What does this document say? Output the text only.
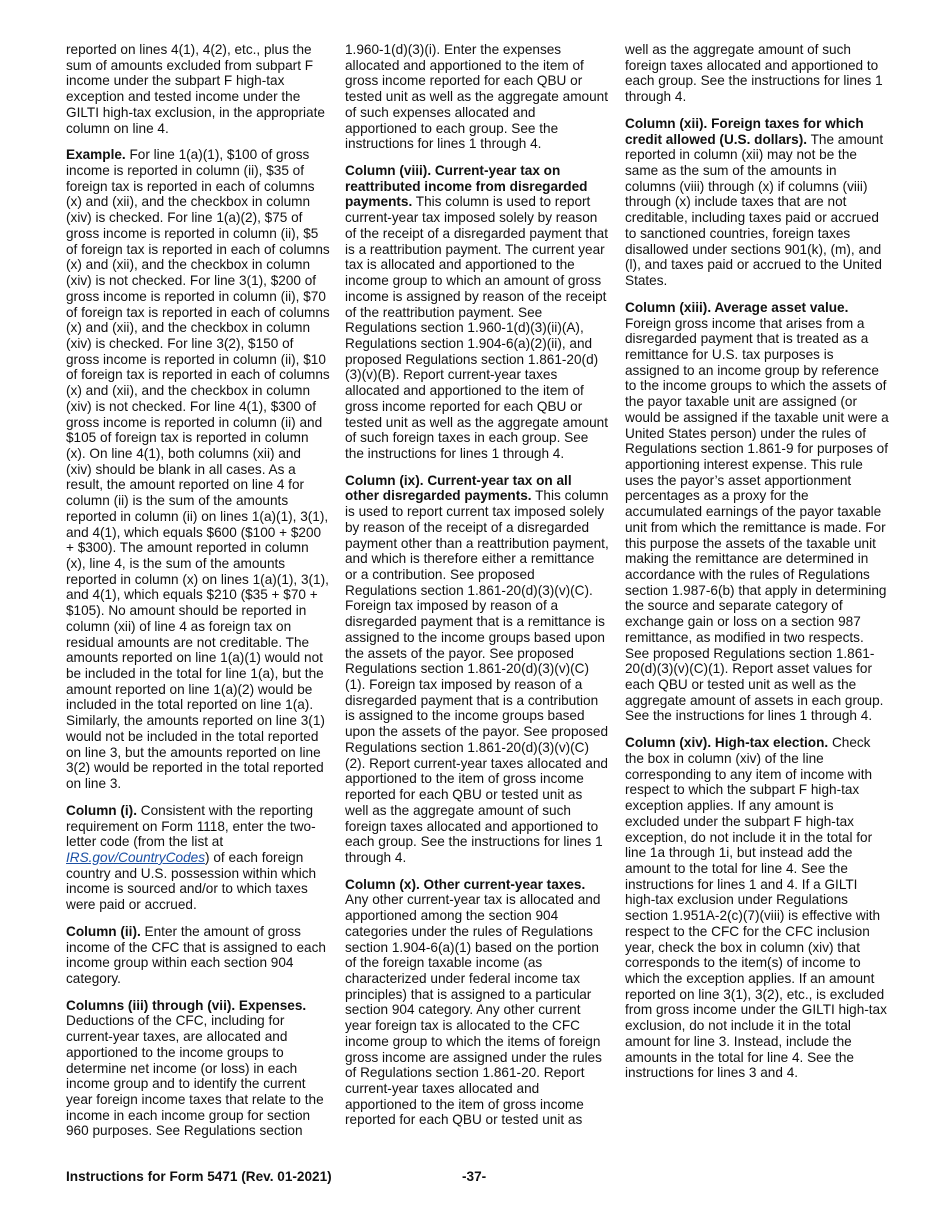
reported on lines 4(1), 4(2), etc., plus the sum of amounts excluded from subpart F income under the subpart F high-tax exception and tested income under the GILTI high-tax exclusion, in the appropriate column on line 4.

Example. For line 1(a)(1), $100 of gross income is reported in column (ii), $35 of foreign tax is reported in each of columns (x) and (xii), and the checkbox in column (xiv) is checked. For line 1(a)(2), $75 of gross income is reported in column (ii), $5 of foreign tax is reported in each of columns (x) and (xii), and the checkbox in column (xiv) is not checked. For line 3(1), $200 of gross income is reported in column (ii), $70 of foreign tax is reported in each of columns (x) and (xii), and the checkbox in column (xiv) is checked. For line 3(2), $150 of gross income is reported in column (ii), $10 of foreign tax is reported in each of columns (x) and (xii), and the checkbox in column (xiv) is not checked. For line 4(1), $300 of gross income is reported in column (ii) and $105 of foreign tax is reported in column (x). On line 4(1), both columns (xii) and (xiv) should be blank in all cases. As a result, the amount reported on line 4 for column (ii) is the sum of the amounts reported in column (ii) on lines 1(a)(1), 3(1), and 4(1), which equals $600 ($100 + $200 + $300). The amount reported in column (x), line 4, is the sum of the amounts reported in column (x) on lines 1(a)(1), 3(1), and 4(1), which equals $210 ($35 + $70 + $105). No amount should be reported in column (xii) of line 4 as foreign tax on residual amounts are not creditable. The amounts reported on line 1(a)(1) would not be included in the total for line 1(a), but the amount reported on line 1(a)(2) would be included in the total reported on line 1(a). Similarly, the amounts reported on line 3(1) would not be included in the total reported on line 3, but the amounts reported on line 3(2) would be reported in the total reported on line 3.

Column (i). Consistent with the reporting requirement on Form 1118, enter the two-letter code (from the list at IRS.gov/CountryCodes) of each foreign country and U.S. possession within which income is sourced and/or to which taxes were paid or accrued.

Column (ii). Enter the amount of gross income of the CFC that is assigned to each income group within each section 904 category.

Columns (iii) through (vii). Expenses. Deductions of the CFC, including for current-year taxes, are allocated and apportioned to the income groups to determine net income (or loss) in each income group and to identify the current year foreign income taxes that relate to the income in each income group for section 960 purposes. See Regulations section

1.960-1(d)(3)(i). Enter the expenses allocated and apportioned to the item of gross income reported for each QBU or tested unit as well as the aggregate amount of such expenses allocated and apportioned to each group. See the instructions for lines 1 through 4.

Column (viii). Current-year tax on reattributed income from disregarded payments. This column is used to report current-year tax imposed solely by reason of the receipt of a disregarded payment that is a reattribution payment. The current year tax is allocated and apportioned to the income group to which an amount of gross income is assigned by reason of the receipt of the reattribution payment. See Regulations section 1.960-1(d)(3)(ii)(A), Regulations section 1.904-6(a)(2)(ii), and proposed Regulations section 1.861-20(d)(3)(v)(B). Report current-year taxes allocated and apportioned to the item of gross income reported for each QBU or tested unit as well as the aggregate amount of such foreign taxes in each group. See the instructions for lines 1 through 4.

Column (ix). Current-year tax on all other disregarded payments. This column is used to report current tax imposed solely by reason of the receipt of a disregarded payment other than a reattribution payment, and which is therefore either a remittance or a contribution. See proposed Regulations section 1.861-20(d)(3)(v)(C). Foreign tax imposed by reason of a disregarded payment that is a remittance is assigned to the income groups based upon the assets of the payor. See proposed Regulations section 1.861-20(d)(3)(v)(C)(1). Foreign tax imposed by reason of a disregarded payment that is a contribution is assigned to the income groups based upon the assets of the payor. See proposed Regulations section 1.861-20(d)(3)(v)(C)(2). Report current-year taxes allocated and apportioned to the item of gross income reported for each QBU or tested unit as well as the aggregate amount of such foreign taxes allocated and apportioned to each group. See the instructions for lines 1 through 4.

Column (x). Other current-year taxes. Any other current-year tax is allocated and apportioned among the section 904 categories under the rules of Regulations section 1.904-6(a)(1) based on the portion of the foreign taxable income (as characterized under federal income tax principles) that is assigned to a particular section 904 category. Any other current year foreign tax is allocated to the CFC income group to which the items of foreign gross income are assigned under the rules of Regulations section 1.861-20. Report current-year taxes allocated and apportioned to the item of gross income reported for each QBU or tested unit as

well as the aggregate amount of such foreign taxes allocated and apportioned to each group. See the instructions for lines 1 through 4.

Column (xii). Foreign taxes for which credit allowed (U.S. dollars). The amount reported in column (xii) may not be the same as the sum of the amounts in columns (viii) through (x) if columns (viii) through (x) include taxes that are not creditable, including taxes paid or accrued to sanctioned countries, foreign taxes disallowed under sections 901(k), (m), and (l), and taxes paid or accrued to the United States.

Column (xiii). Average asset value. Foreign gross income that arises from a disregarded payment that is treated as a remittance for U.S. tax purposes is assigned to an income group by reference to the income groups to which the assets of the payor taxable unit are assigned (or would be assigned if the taxable unit were a United States person) under the rules of Regulations section 1.861-9 for purposes of apportioning interest expense. This rule uses the payor’s asset apportionment percentages as a proxy for the accumulated earnings of the payor taxable unit from which the remittance is made. For this purpose the assets of the taxable unit making the remittance are determined in accordance with the rules of Regulations section 1.987-6(b) that apply in determining the source and separate category of exchange gain or loss on a section 987 remittance, as modified in two respects. See proposed Regulations section 1.861-20(d)(3)(v)(C)(1). Report asset values for each QBU or tested unit as well as the aggregate amount of assets in each group. See the instructions for lines 1 through 4.

Column (xiv). High-tax election. Check the box in column (xiv) of the line corresponding to any item of income with respect to which the subpart F high-tax exception applies. If any amount is excluded under the subpart F high-tax exception, do not include it in the total for line 1a through 1i, but instead add the amount to the total for line 4. See the instructions for lines 1 and 4. If a GILTI high-tax exclusion under Regulations section 1.951A-2(c)(7)(viii) is effective with respect to the CFC for the CFC inclusion year, check the box in column (xiv) that corresponds to the item(s) of income to which the exception applies. If an amount reported on line 3(1), 3(2), etc., is excluded from gross income under the GILTI high-tax exclusion, do not include it in the total amount for line 3. Instead, include the amounts in the total for line 4. See the instructions for lines 3 and 4.

Instructions for Form 5471 (Rev. 01-2021)	-37-
